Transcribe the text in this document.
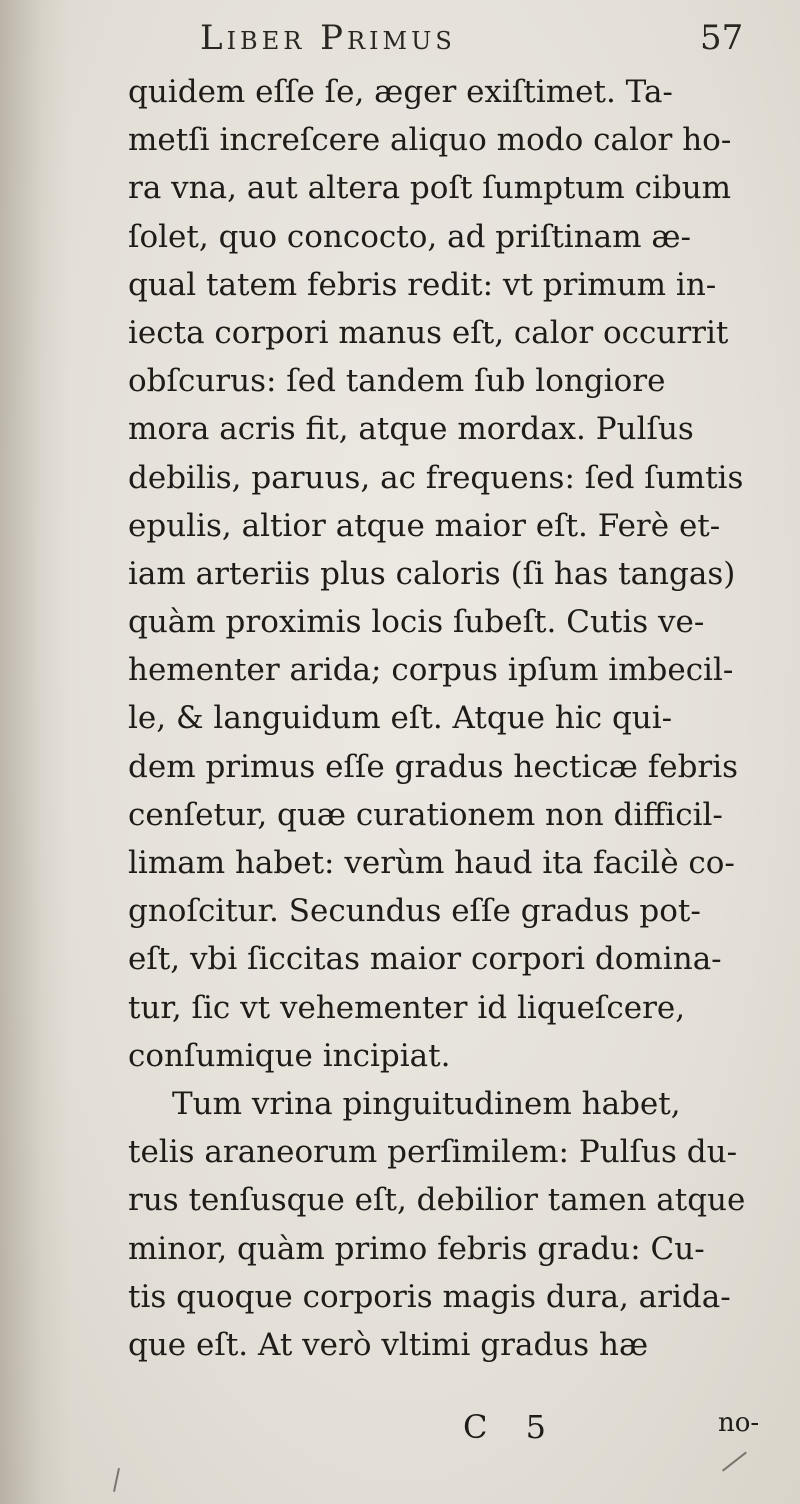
Liber Primus	57
quidem eſſe ſe, æger exiſtimet. Ta-
metſi increſcere aliquo modo calor ho-
ra vna, aut altera poſt ſumptum cibum
ſolet, quo concocto, ad priſtinam æ-
qual tatem febris redit: vt primum in-
iecta corpori manus eſt, calor occurrit
obſcurus: ſed tandem ſub longiore
mora acris fit, atque mordax. Pulſus
debilis, paruus, ac frequens: ſed ſumtis
epulis, altior atque maior eſt. Ferè et-
iam arteriis plus caloris (ſi has tangas)
quàm proximis locis ſubeſt. Cutis ve-
hementer arida; corpus ipſum imbecil-
le, & languidum eſt. Atque hic qui-
dem primus eſſe gradus hecticæ febris
cenſetur, quæ curationem non difficil-
limam habet: verùm haud ita facilè co-
gnoſcitur. Secundus eſſe gradus pot-
eſt, vbi ſiccitas maior corpori domina-
tur, ſic vt vehementer id liqueſcere,
conſumique incipiat.
Tum vrina pinguitudinem habet,
telis araneorum perſimilem: Pulſus du-
rus tenſusque eſt, debilior tamen atque
minor, quàm primo febris gradu: Cu-
tis quoque corporis magis dura, arida-
que eſt. At verò vltimi gradus hæ
C 5	no-
